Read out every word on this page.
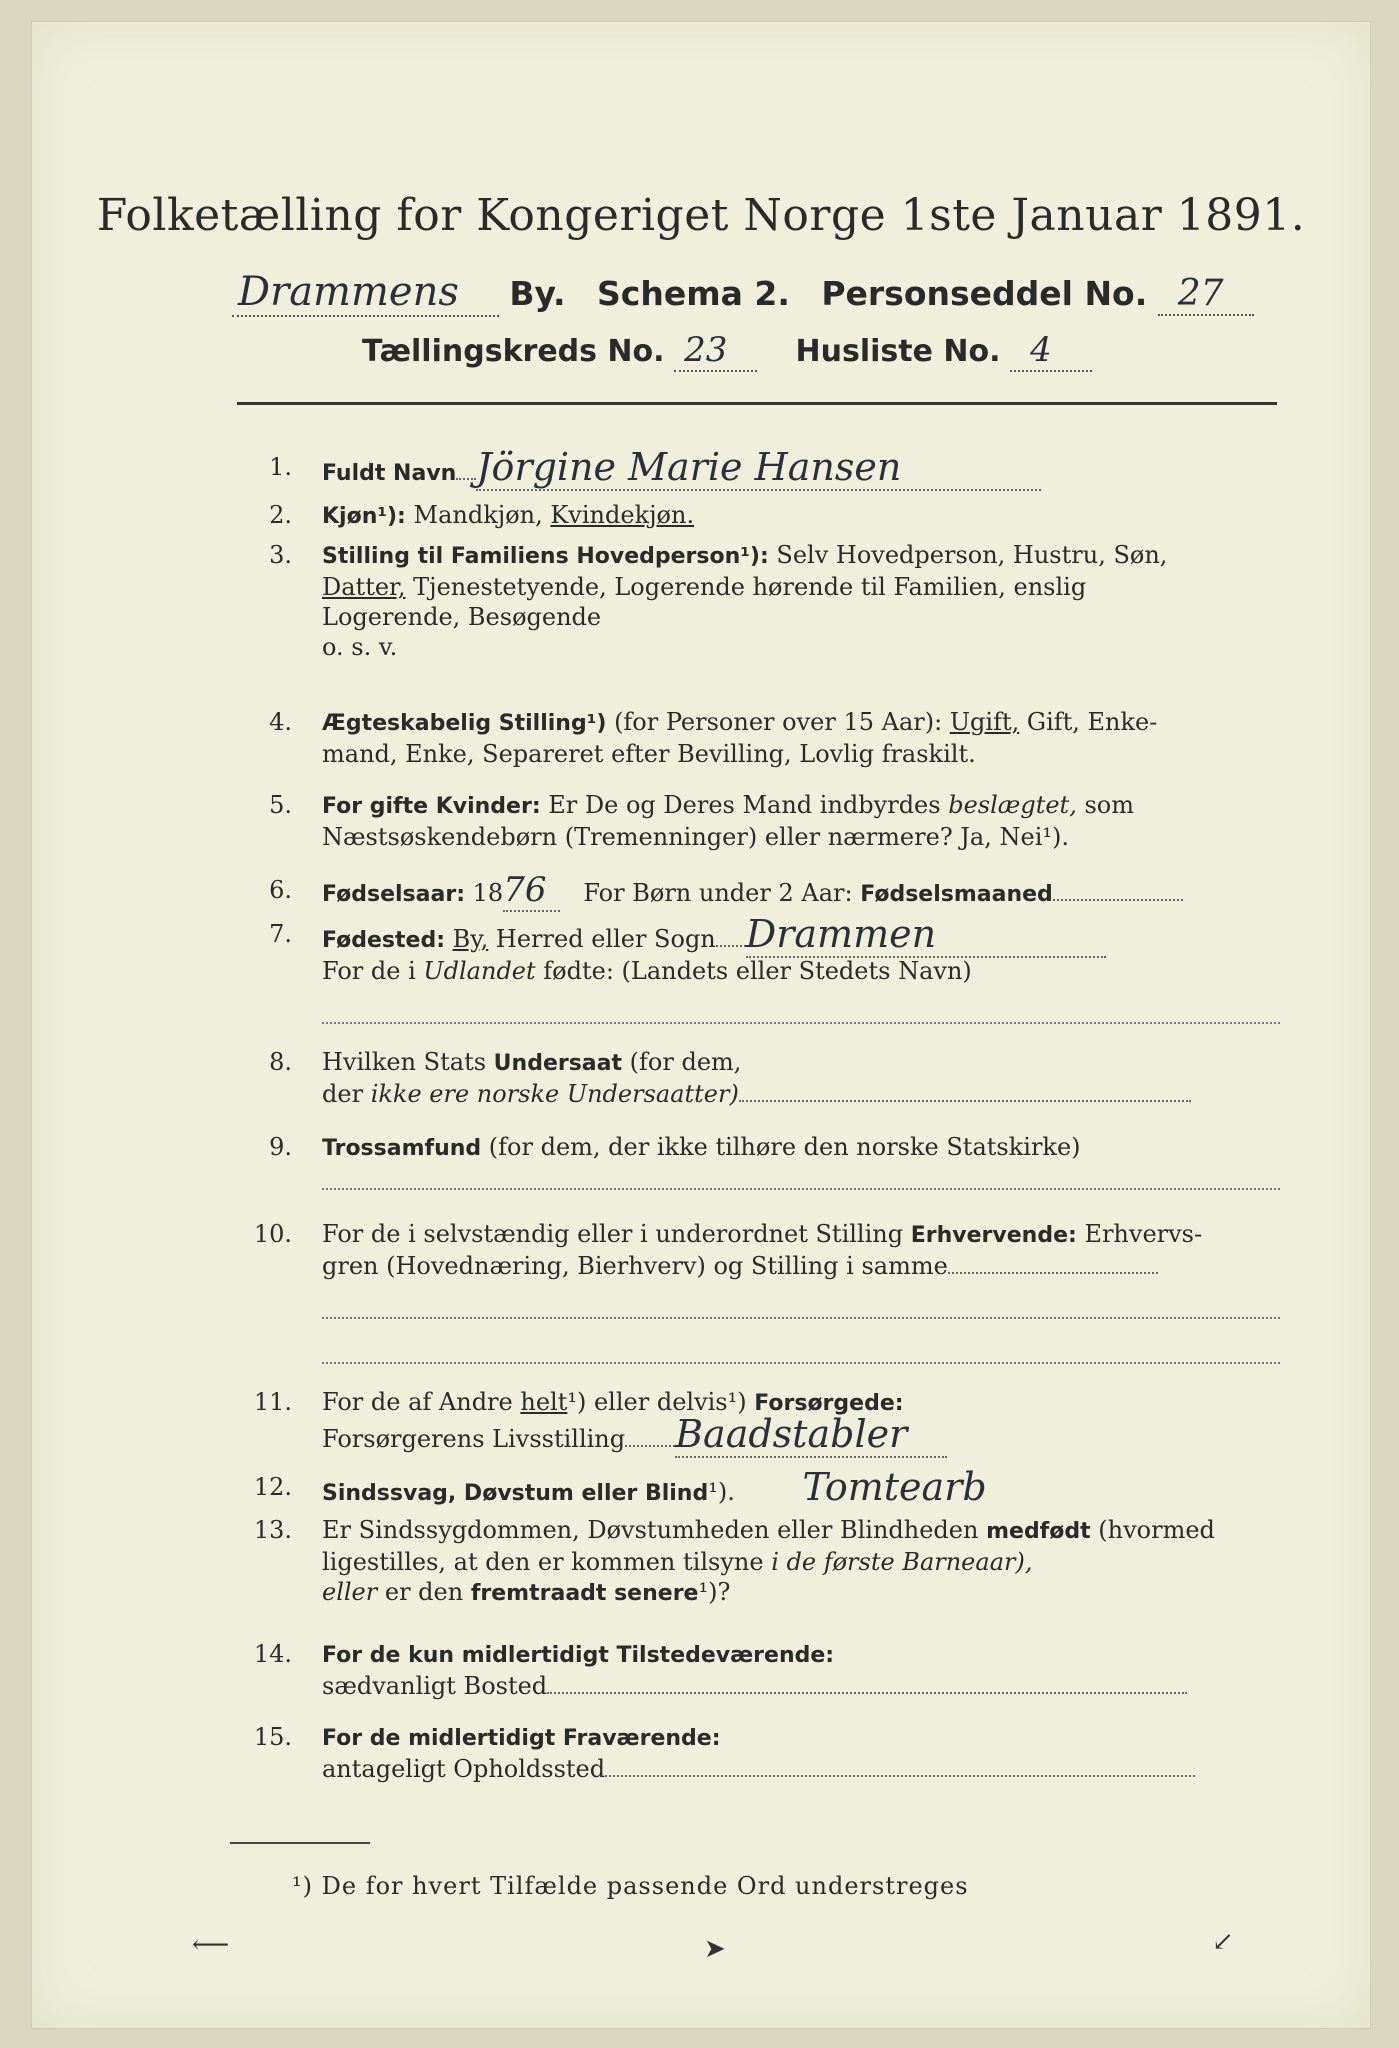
Folketælling for Kongeriget Norge 1ste Januar 1891.
Drammens By. Schema 2. Personseddel No. 27
Tællingskreds No. 23 Husliste No. 4
1. Fuldt Navn Jörgine Marie Hansen
2. Kjøn¹): Mandkjøn, Kvindekjøn.
3. Stilling til Familiens Hovedperson¹): Selv Hovedperson, Hustru, Søn,
Datter, Tjenestetyende, Logerende hørende til Familien, enslig
Logerende, Besøgende
o. s. v.
4. Ægteskabelig Stilling¹) (for Personer over 15 Aar): Ugift, Gift, Enke-
mand, Enke, Separeret efter Bevilling, Lovlig fraskilt.
5. For gifte Kvinder: Er De og Deres Mand indbyrdes beslægtet, som
Næstsøskendebørn (Tremenninger) eller nærmere? Ja, Nei¹).
6. Fødselsaar: 1876 For Børn under 2 Aar: Fødselsmaaned
7. Fødested: By, Herred eller Sogn Drammen
For de i Udlandet fødte: (Landets eller Stedets Navn)
8. Hvilken Stats Undersaat (for dem,
der ikke ere norske Undersaatter)
9. Trossamfund (for dem, der ikke tilhøre den norske Statskirke)
10. For de i selvstændig eller i underordnet Stilling Erhvervende: Erhvervs-
gren (Hovednæring, Bierhverv) og Stilling i samme
11. For de af Andre helt¹) eller delvis¹) Forsørgede:
Forsørgerens Livsstilling Baadstabler
12. Sindssvag, Døvstum eller Blind¹). Tomtearb
13. Er Sindssygdommen, Døvstumheden eller Blindheden medfødt (hvormed
ligestilles, at den er kommen tilsyne i de første Barneaar),
eller er den fremtraadt senere¹)?
14. For de kun midlertidigt Tilstedeværende:
sædvanligt Bosted
15. For de midlertidigt Fraværende:
antageligt Opholdssted
¹) De for hvert Tilfælde passende Ord understreges
⟵	➤	↙
